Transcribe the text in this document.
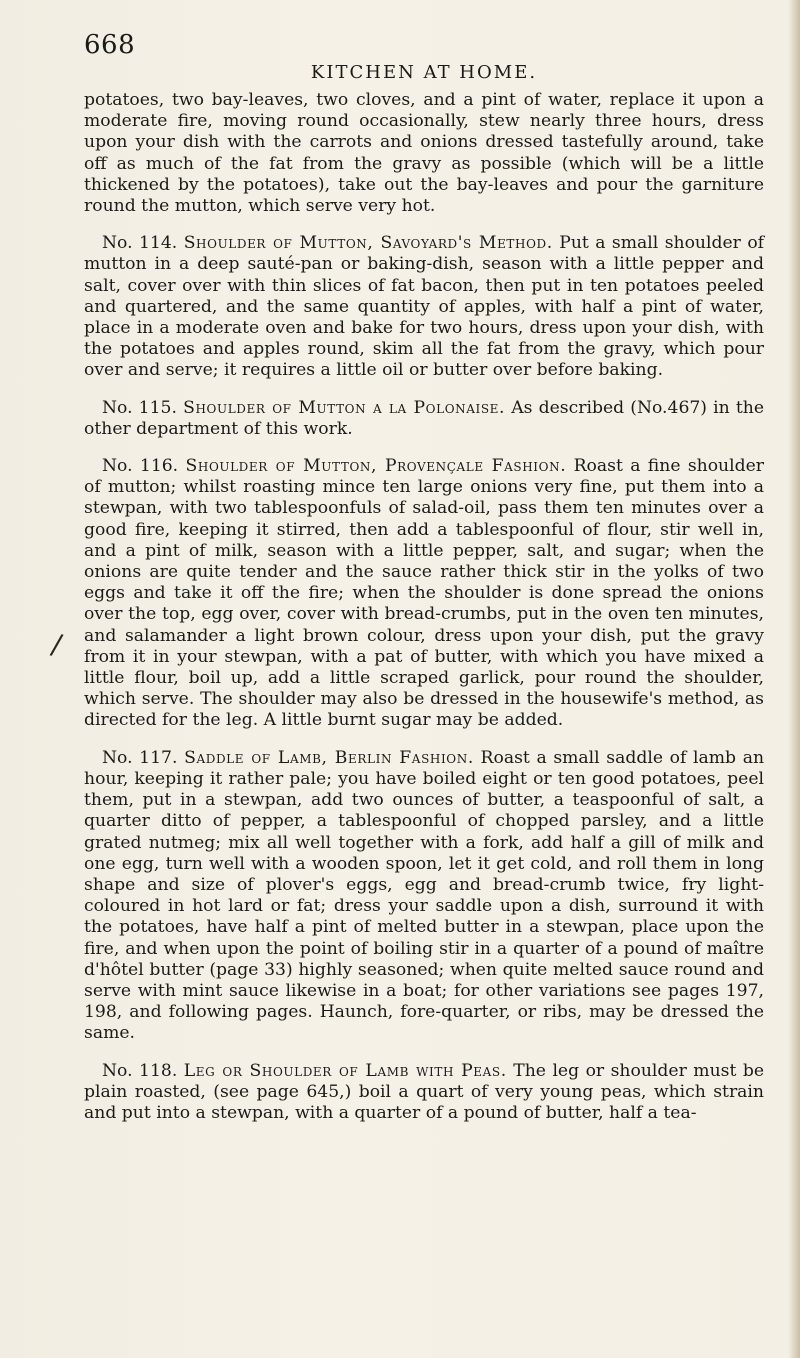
668
KITCHEN AT HOME.
/

potatoes, two bay-leaves, two cloves, and a pint of water, replace it upon a moderate fire, moving round occasionally, stew nearly three hours, dress upon your dish with the carrots and onions dressed tastefully around, take off as much of the fat from the gravy as possible (which will be a little thickened by the potatoes), take out the bay-leaves and pour the garniture round the mutton, which serve very hot.

No. 114. Shoulder of Mutton, Savoyard's Method. Put a small shoulder of mutton in a deep sauté-pan or baking-dish, season with a little pepper and salt, cover over with thin slices of fat bacon, then put in ten potatoes peeled and quartered, and the same quantity of apples, with half a pint of water, place in a moderate oven and bake for two hours, dress upon your dish, with the potatoes and apples round, skim all the fat from the gravy, which pour over and serve; it requires a little oil or butter over before baking.

No. 115. Shoulder of Mutton a la Polonaise. As described (No.467) in the other department of this work.

No. 116. Shoulder of Mutton, Provençale Fashion. Roast a fine shoulder of mutton; whilst roasting mince ten large onions very fine, put them into a stewpan, with two tablespoonfuls of salad-oil, pass them ten minutes over a good fire, keeping it stirred, then add a tablespoonful of flour, stir well in, and a pint of milk, season with a little pepper, salt, and sugar; when the onions are quite tender and the sauce rather thick stir in the yolks of two eggs and take it off the fire; when the shoulder is done spread the onions over the top, egg over, cover with bread-crumbs, put in the oven ten minutes, and salamander a light brown colour, dress upon your dish, put the gravy from it in your stewpan, with a pat of butter, with which you have mixed a little flour, boil up, add a little scraped garlick, pour round the shoulder, which serve. The shoulder may also be dressed in the housewife's method, as directed for the leg. A little burnt sugar may be added.

No. 117. Saddle of Lamb, Berlin Fashion. Roast a small saddle of lamb an hour, keeping it rather pale; you have boiled eight or ten good potatoes, peel them, put in a stewpan, add two ounces of butter, a teaspoonful of salt, a quarter ditto of pepper, a tablespoonful of chopped parsley, and a little grated nutmeg; mix all well together with a fork, add half a gill of milk and one egg, turn well with a wooden spoon, let it get cold, and roll them in long shape and size of plover's eggs, egg and bread-crumb twice, fry light-coloured in hot lard or fat; dress your saddle upon a dish, surround it with the potatoes, have half a pint of melted butter in a stewpan, place upon the fire, and when upon the point of boiling stir in a quarter of a pound of maître d'hôtel butter (page 33) highly seasoned; when quite melted sauce round and serve with mint sauce likewise in a boat; for other variations see pages 197, 198, and following pages. Haunch, fore-quarter, or ribs, may be dressed the same.

No. 118. Leg or Shoulder of Lamb with Peas. The leg or shoulder must be plain roasted, (see page 645,) boil a quart of very young peas, which strain and put into a stewpan, with a quarter of a pound of butter, half a tea-
